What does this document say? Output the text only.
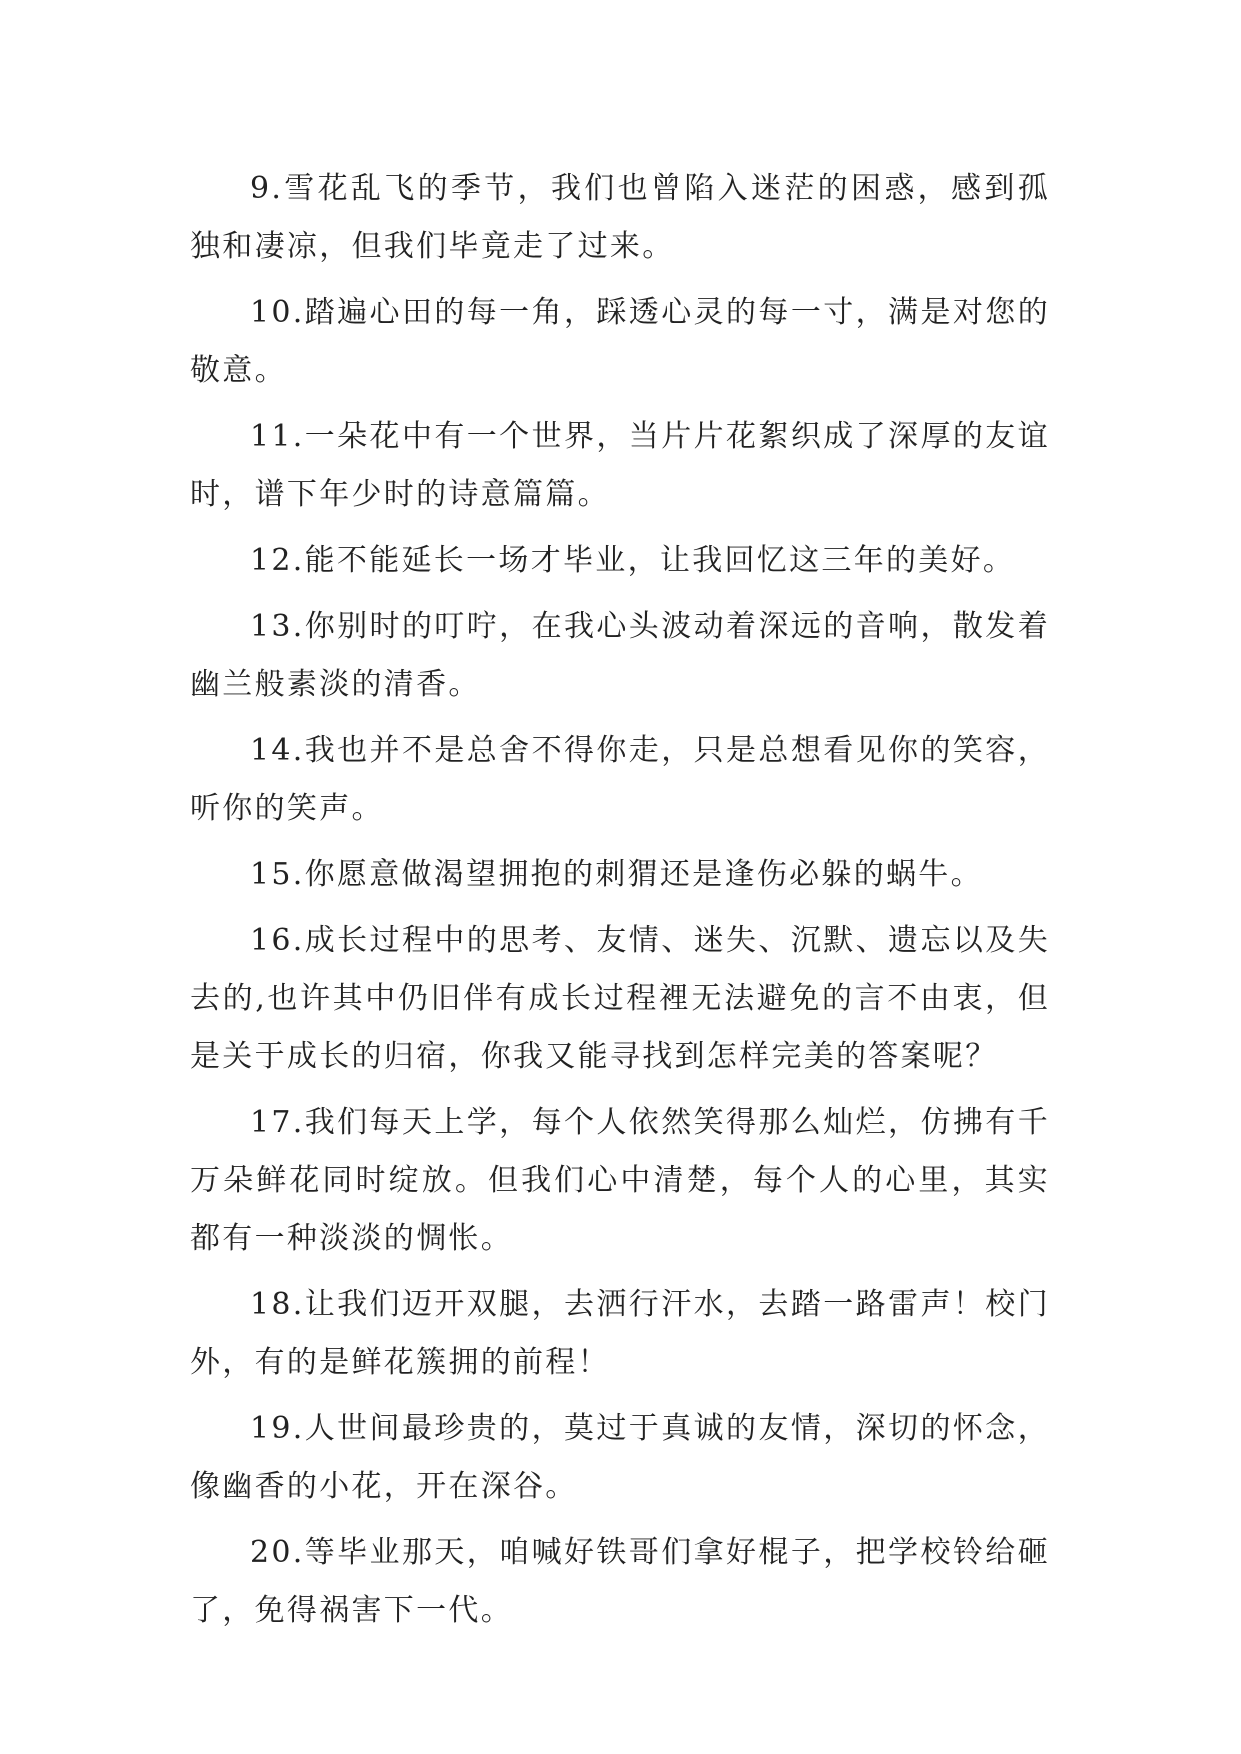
9.雪花乱飞的季节，我们也曾陷入迷茫的困惑，感到孤独和凄凉，但我们毕竟走了过来。

10.踏遍心田的每一角，踩透心灵的每一寸，满是对您的敬意。

11.一朵花中有一个世界，当片片花絮织成了深厚的友谊时，谱下年少时的诗意篇篇。

12.能不能延长一场才毕业，让我回忆这三年的美好。

13.你别时的叮咛，在我心头波动着深远的音响，散发着幽兰般素淡的清香。

14.我也并不是总舍不得你走，只是总想看见你的笑容，听你的笑声。

15.你愿意做渴望拥抱的刺猬还是逢伤必躲的蜗牛。

16.成长过程中的思考、友情、迷失、沉默、遗忘以及失去的,也许其中仍旧伴有成长过程裡无法避免的言不由衷，但是关于成长的归宿，你我又能寻找到怎样完美的答案呢？

17.我们每天上学，每个人依然笑得那么灿烂，仿拂有千万朵鲜花同时绽放。但我们心中清楚，每个人的心里，其实都有一种淡淡的惆怅。

18.让我们迈开双腿，去洒行汗水，去踏一路雷声！校门外，有的是鲜花簇拥的前程！

19.人世间最珍贵的，莫过于真诚的友情，深切的怀念，像幽香的小花，开在深谷。

20.等毕业那天，咱喊好铁哥们拿好棍子，把学校铃给砸了，免得祸害下一代。
